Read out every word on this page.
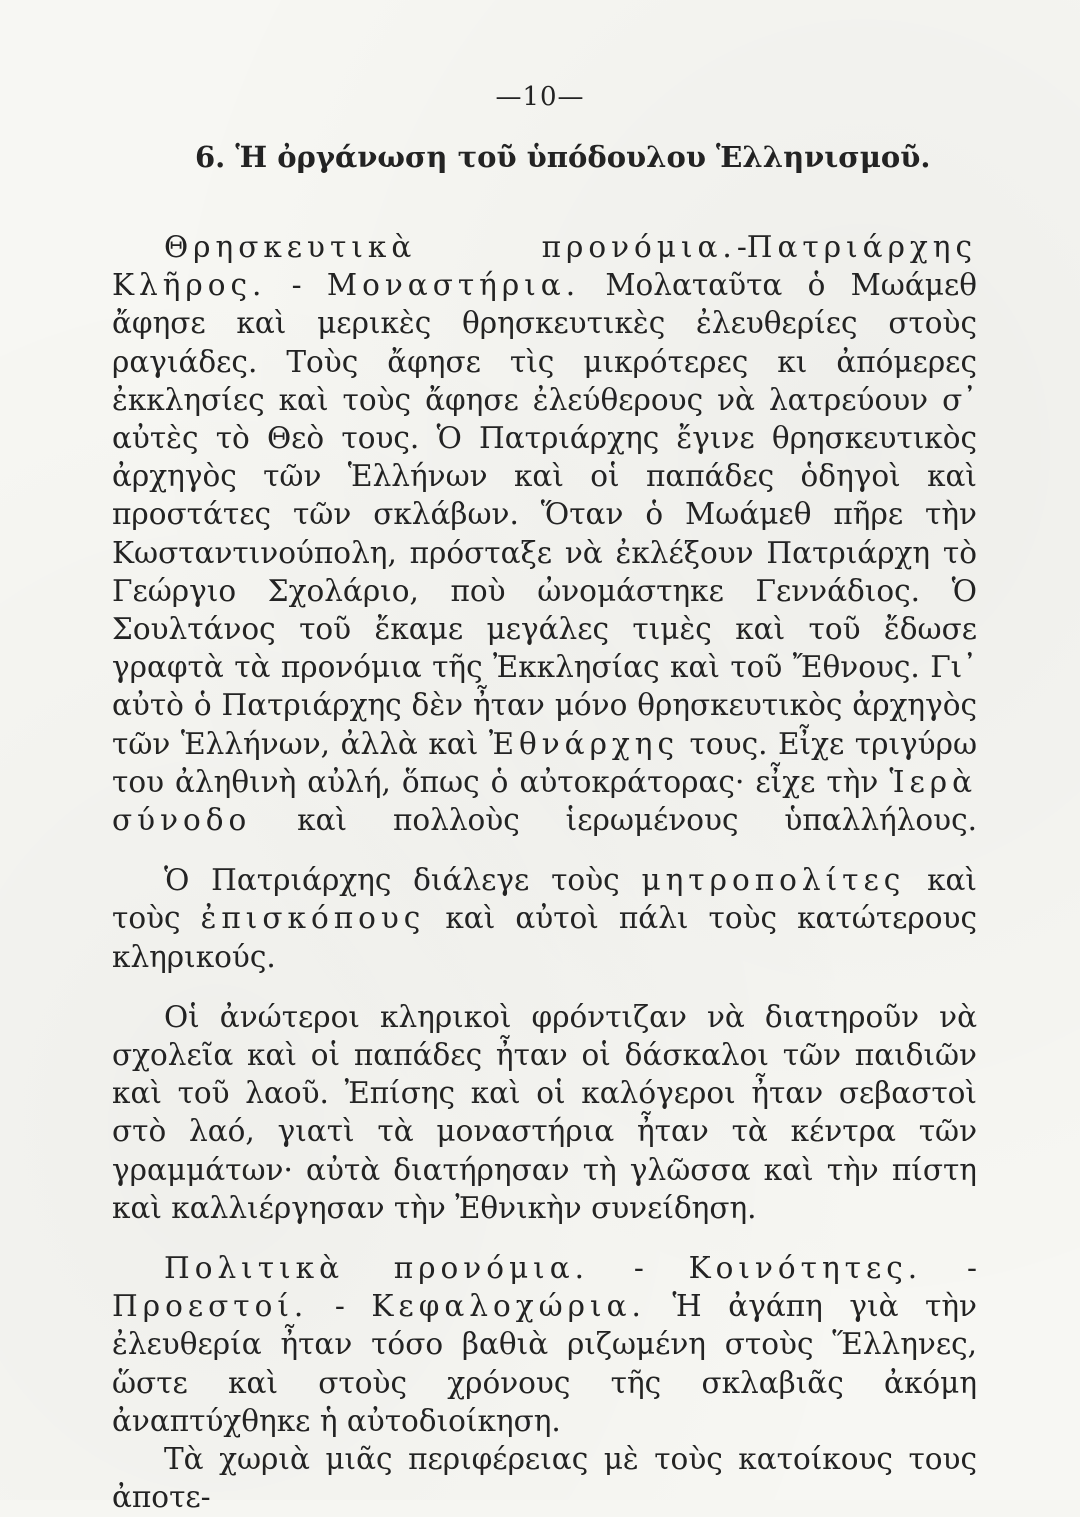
—10—
6. Ἡ ὀργάνωση τοῦ ὑπόδουλου Ἑλληνισμοῦ.

Θρησκευτικὰ προνόμια.-Πατριάρχης Κλῆρος. - Μοναστήρια. Μολαταῦτα ὁ Μωάμεθ ἄφησε καὶ μερικὲς θρησκευτικὲς ἐλευθερίες στοὺς ραγιάδες. Τοὺς ἄφησε τὶς μικρότερες κι ἀπόμερες ἐκκλησίες καὶ τοὺς ἄφησε ἐλεύθερους νὰ λατρεύουν σ᾽ αὐτὲς τὸ Θεὸ τους. Ὁ Πατριάρχης ἔγινε θρησκευτικὸς ἀρχηγὸς τῶν Ἑλλήνων καὶ οἱ παπάδες ὁδηγοὶ καὶ προστάτες τῶν σκλάβων. Ὅταν ὁ Μωάμεθ πῆρε τὴν Κωσταντινούπολη, πρόσταξε νὰ ἐκλέξουν Πατριάρχη τὸ Γεώργιο Σχολάριο, ποὺ ὠνομάστηκε Γεννάδιος. Ὁ Σουλτάνος τοῦ ἔκαμε μεγάλες τιμὲς καὶ τοῦ ἔδωσε γραφτὰ τὰ προνόμια τῆς Ἐκκλησίας καὶ τοῦ Ἔθνους. Γι᾽ αὐτὸ ὁ Πατριάρχης δὲν ἦταν μόνο θρησκευτικὸς ἀρχηγὸς τῶν Ἑλλήνων, ἀλλὰ καὶ Ἐθνάρχης τους. Εἶχε τριγύρω του ἀληθινὴ αὐλή, ὅπως ὁ αὐτοκράτορας· εἶχε τὴν Ἱερὰ σύνοδο καὶ πολλοὺς ἱερωμένους ὑπαλλήλους.

Ὁ Πατριάρχης διάλεγε τοὺς μητροπολίτες καὶ τοὺς ἐπισκόπους καὶ αὐτοὶ πάλι τοὺς κατώτερους κληρικούς.

Οἱ ἀνώτεροι κληρικοὶ φρόντιζαν νὰ διατηροῦν νὰ σχολεῖα καὶ οἱ παπάδες ἦταν οἱ δάσκαλοι τῶν παιδιῶν καὶ τοῦ λαοῦ. Ἐπίσης καὶ οἱ καλόγεροι ἦταν σεβαστοὶ στὸ λαό, γιατὶ τὰ μοναστήρια ἦταν τὰ κέντρα τῶν γραμμάτων· αὐτὰ διατήρησαν τὴ γλῶσσα καὶ τὴν πίστη καὶ καλλιέργησαν τὴν Ἐθνικὴν συνείδηση.

Πολιτικὰ προνόμια. - Κοινότητες. - Προεστοί. - Κεφαλοχώρια. Ἡ ἀγάπη γιὰ τὴν ἐλευθερία ἦταν τόσο βαθιὰ ριζωμένη στοὺς Ἕλληνες, ὥστε καὶ στοὺς χρόνους τῆς σκλαβιᾶς ἀκόμη ἀναπτύχθηκε ἡ αὐτοδιοίκηση.

Τὰ χωριὰ μιᾶς περιφέρειας μὲ τοὺς κατοίκους τους ἀποτε-
